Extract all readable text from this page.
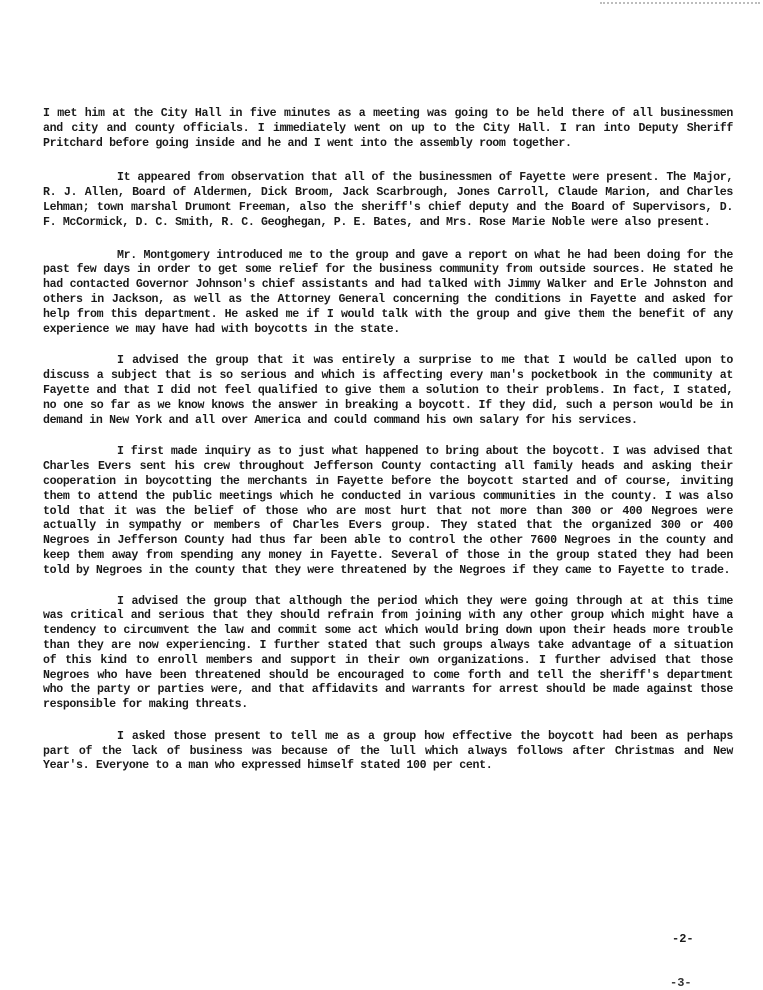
I met him at the City Hall in five minutes as a meeting was going to be held there of all businessmen and city and county officials. I immediately went on up to the City Hall. I ran into Deputy Sheriff Pritchard before going inside and he and I went into the assembly room together.

It appeared from observation that all of the businessmen of Fayette were present. The Major, R. J. Allen, Board of Aldermen, Dick Broom, Jack Scarbrough, Jones Carroll, Claude Marion, and Charles Lehman; town marshal Drumont Freeman, also the sheriff's chief deputy and the Board of Supervisors, D. F. McCormick, D. C. Smith, R. C. Geoghegan, P. E. Bates, and Mrs. Rose Marie Noble were also present.

Mr. Montgomery introduced me to the group and gave a report on what he had been doing for the past few days in order to get some relief for the business community from outside sources. He stated he had contacted Governor Johnson's chief assistants and had talked with Jimmy Walker and Erle Johnston and others in Jackson, as well as the Attorney General concerning the conditions in Fayette and asked for help from this department. He asked me if I would talk with the group and give them the benefit of any experience we may have had with boycotts in the state.

I advised the group that it was entirely a surprise to me that I would be called upon to discuss a subject that is so serious and which is affecting every man's pocketbook in the community at Fayette and that I did not feel qualified to give them a solution to their problems. In fact, I stated, no one so far as we know knows the answer in breaking a boycott. If they did, such a person would be in demand in New York and all over America and could command his own salary for his services.

I first made inquiry as to just what happened to bring about the boycott. I was advised that Charles Evers sent his crew throughout Jefferson County contacting all family heads and asking their cooperation in boycotting the merchants in Fayette before the boycott started and of course, inviting them to attend the public meetings which he conducted in various communities in the county. I was also told that it was the belief of those who are most hurt that not more than 300 or 400 Negroes were actually in sympathy or members of Charles Evers group. They stated that the organized 300 or 400 Negroes in Jefferson County had thus far been able to control the other 7600 Negroes in the county and keep them away from spending any money in Fayette. Several of those in the group stated they had been told by Negroes in the county that they were threatened by the Negroes if they came to Fayette to trade.

I advised the group that although the period which they were going through at at this time was critical and serious that they should refrain from joining with any other group which might have a tendency to circumvent the law and commit some act which would bring down upon their heads more trouble than they are now experiencing. I further stated that such groups always take advantage of a situation of this kind to enroll members and support in their own organizations. I further advised that those Negroes who have been threatened should be encouraged to come forth and tell the sheriff's department who the party or parties were, and that affidavits and warrants for arrest should be made against those responsible for making threats.

I asked those present to tell me as a group how effective the boycott had been as perhaps part of the lack of business was because of the lull which always follows after Christmas and New Year's. Everyone to a man who expressed himself stated 100 per cent.

-2-
-3-
